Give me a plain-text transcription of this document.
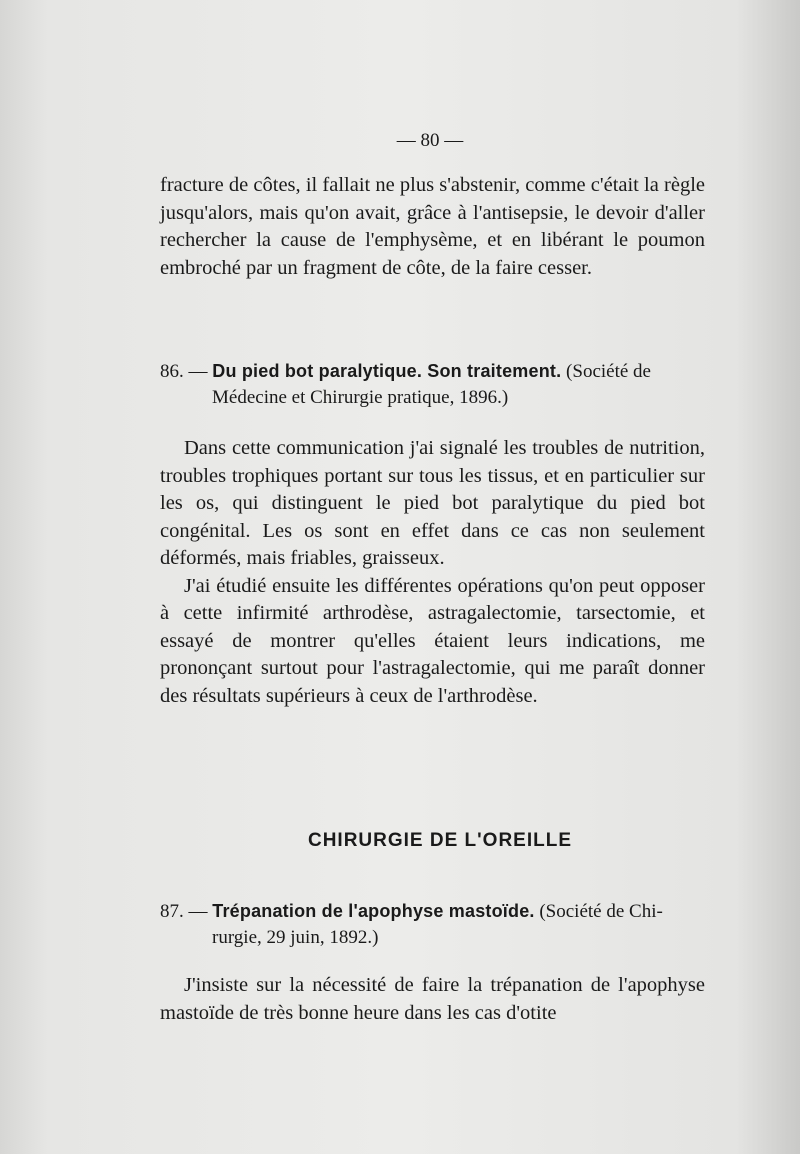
— 80 —

fracture de côtes, il fallait ne plus s'abstenir, comme c'était la règle jusqu'alors, mais qu'on avait, grâce à l'antisepsie, le devoir d'aller rechercher la cause de l'emphysème, et en libérant le poumon embroché par un fragment de côte, de la faire cesser.

86. — Du pied bot paralytique. Son traitement. (Société de
Médecine et Chirurgie pratique, 1896.)

Dans cette communication j'ai signalé les troubles de nutrition, troubles trophiques portant sur tous les tissus, et en particulier sur les os, qui distinguent le pied bot paralytique du pied bot congénital. Les os sont en effet dans ce cas non seulement déformés, mais friables, graisseux.

J'ai étudié ensuite les différentes opérations qu'on peut opposer à cette infirmité arthrodèse, astragalectomie, tarsectomie, et essayé de montrer qu'elles étaient leurs indications, me prononçant surtout pour l'astragalectomie, qui me paraît donner des résultats supérieurs à ceux de l'arthrodèse.

CHIRURGIE DE L'OREILLE
87. — Trépanation de l'apophyse mastoïde. (Société de Chi-
rurgie, 29 juin, 1892.)

J'insiste sur la nécessité de faire la trépanation de l'apophyse mastoïde de très bonne heure dans les cas d'otite
